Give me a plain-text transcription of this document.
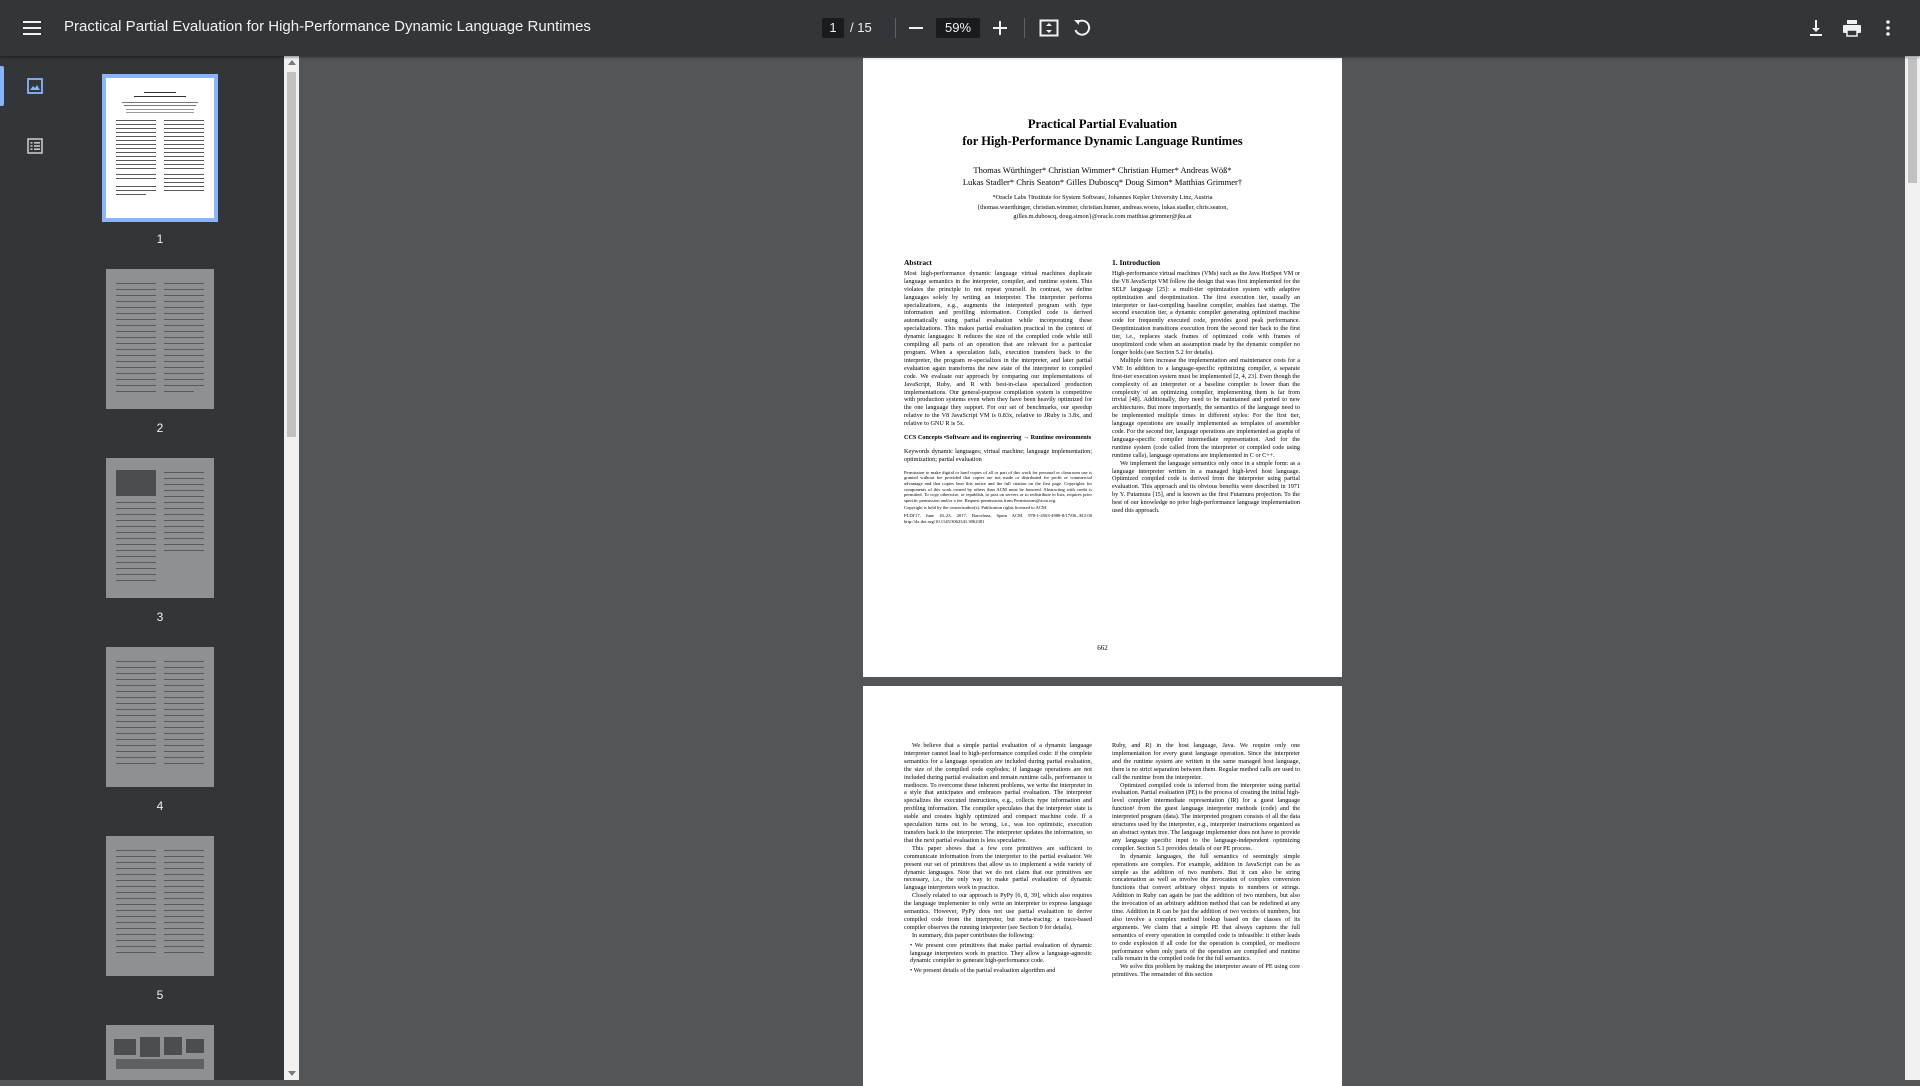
Practical Partial Evaluation for High-Performance Dynamic Language Runtimes
1	/ 15
59%
1
2
3
4
5
Practical Partial Evaluation
for High-Performance Dynamic Language Runtimes
Thomas Würthinger* Christian Wimmer* Christian Humer* Andreas Wöß*
Lukas Stadler* Chris Seaton* Gilles Duboscq* Doug Simon* Matthias Grimmer†
*Oracle Labs †Institute for System Software, Johannes Kepler University Linz, Austria
{thomas.wuerthinger, christian.wimmer, christian.humer, andreas.woess, lukas.stadler, chris.seaton,
gilles.m.duboscq, doug.simon}@oracle.com matthias.grimmer@jku.at
Abstract

Most high-performance dynamic language virtual machines duplicate language semantics in the interpreter, compiler, and runtime system. This violates the principle to not repeat yourself. In contrast, we define languages solely by writing an interpreter. The interpreter performs specializations, e.g., augments the interpreted program with type information and profiling information. Compiled code is derived automatically using partial evaluation while incorporating these specializations. This makes partial evaluation practical in the context of dynamic languages: It reduces the size of the compiled code while still compiling all parts of an operation that are relevant for a particular program. When a speculation fails, execution transfers back to the interpreter, the program re-specializes in the interpreter, and later partial evaluation again transforms the new state of the interpreter to compiled code. We evaluate our approach by comparing our implementations of JavaScript, Ruby, and R with best-in-class specialized production implementations. Our general-purpose compilation system is competitive with production systems even when they have been heavily optimized for the one language they support. For our set of benchmarks, our speedup relative to the V8 JavaScript VM is 0.83x, relative to JRuby is 3.8x, and relative to GNU R is 5x.

CCS Concepts •Software and its engineering → Runtime environments

Keywords dynamic languages; virtual machine; language implementation; optimization; partial evaluation

Permission to make digital or hard copies of all or part of this work for personal or classroom use is granted without fee provided that copies are not made or distributed for profit or commercial advantage and that copies bear this notice and the full citation on the first page. Copyrights for components of this work owned by others than ACM must be honored. Abstracting with credit is permitted. To copy otherwise, or republish, to post on servers or to redistribute to lists, requires prior specific permission and/or a fee. Request permissions from Permissions@acm.org.

Copyright is held by the owner/author(s). Publication rights licensed to ACM.

PLDI'17, June 18–23, 2017, Barcelona, Spain ACM. 978-1-4503-4988-8/17/06...$15.00 http://dx.doi.org/10.1145/3062341.3062381

1. Introduction

High-performance virtual machines (VMs) such as the Java HotSpot VM or the V8 JavaScript VM follow the design that was first implemented for the SELF language [25]: a multi-tier optimization system with adaptive optimization and deoptimization. The first execution tier, usually an interpreter or fast-compiling baseline compiler, enables fast startup. The second execution tier, a dynamic compiler generating optimized machine code for frequently executed code, provides good peak performance. Deoptimization transitions execution from the second tier back to the first tier, i.e., replaces stack frames of optimized code with frames of unoptimized code when an assumption made by the dynamic compiler no longer holds (see Section 5.2 for details).

Multiple tiers increase the implementation and maintenance costs for a VM: In addition to a language-specific optimizing compiler, a separate first-tier execution system must be implemented [2, 4, 23]. Even though the complexity of an interpreter or a baseline compiler is lower than the complexity of an optimizing compiler, implementing them is far from trivial [48]. Additionally, they need to be maintained and ported to new architectures. But more importantly, the semantics of the language need to be implemented multiple times in different styles: For the first tier, language operations are usually implemented as templates of assembler code. For the second tier, language operations are implemented as graphs of language-specific compiler intermediate representation. And for the runtime system (code called from the interpreter or compiled code using runtime calls), language operations are implemented in C or C++.

We implement the language semantics only once in a simple form: as a language interpreter written in a managed high-level host language. Optimized compiled code is derived from the interpreter using partial evaluation. This approach and its obvious benefits were described in 1971 by Y. Futamura [15], and is known as the first Futamura projection. To the best of our knowledge no prior high-performance language implementation used this approach.

662

We believe that a simple partial evaluation of a dynamic language interpreter cannot lead to high-performance compiled code: if the complete semantics for a language operation are included during partial evaluation, the size of the compiled code explodes; if language operations are not included during partial evaluation and remain runtime calls, performance is mediocre. To overcome these inherent problems, we write the interpreter in a style that anticipates and embraces partial evaluation. The interpreter specializes the executed instructions, e.g., collects type information and profiling information. The compiler speculates that the interpreter state is stable and creates highly optimized and compact machine code. If a speculation turns out to be wrong, i.e., was too optimistic, execution transfers back to the interpreter. The interpreter updates the information, so that the next partial evaluation is less speculative.

This paper shows that a few core primitives are sufficient to communicate information from the interpreter to the partial evaluator. We present our set of primitives that allow us to implement a wide variety of dynamic languages. Note that we do not claim that our primitives are necessary, i.e., the only way to make partial evaluation of dynamic language interpreters work in practice.

Closely related to our approach is PyPy [6, 8, 39], which also requires the language implementer to only write an interpreter to express language semantics. However, PyPy does not use partial evaluation to derive compiled code from the interpreter, but meta-tracing: a trace-based compiler observes the running interpreter (see Section 9 for details).

In summary, this paper contributes the following:

• We present core primitives that make partial evaluation of dynamic language interpreters work in practice. They allow a language-agnostic dynamic compiler to generate high-performance code.

• We present details of the partial evaluation algorithm and

Ruby, and R) in the host language, Java. We require only one implementation for every guest language operation. Since the interpreter and the runtime system are written in the same managed host language, there is no strict separation between them. Regular method calls are used to call the runtime from the interpreter.

Optimized compiled code is inferred from the interpreter using partial evaluation. Partial evaluation (PE) is the process of creating the initial high-level compiler intermediate representation (IR) for a guest language function¹ from the guest language interpreter methods (code) and the interpreted program (data). The interpreted program consists of all the data structures used by the interpreter, e.g., interpreter instructions organized as an abstract syntax tree. The language implementer does not have to provide any language specific input to the language-independent optimizing compiler. Section 5.1 provides details of our PE process.

In dynamic languages, the full semantics of seemingly simple operations are complex. For example, addition in JavaScript can be as simple as the addition of two numbers. But it can also be string concatenation as well as involve the invocation of complex conversion functions that convert arbitrary object inputs to numbers or strings. Addition in Ruby can again be just the addition of two numbers, but also the invocation of an arbitrary addition method that can be redefined at any time. Addition in R can be just the addition of two vectors of numbers, but also involve a complex method lookup based on the classes of its arguments. We claim that a simple PE that always captures the full semantics of every operation in compiled code is infeasible: it either leads to code explosion if all code for the operation is compiled, or mediocre performance when only parts of the operation are compiled and runtime calls remain in the compiled code for the full semantics.

We solve this problem by making the interpreter aware of PE using core primitives. The remainder of this section
